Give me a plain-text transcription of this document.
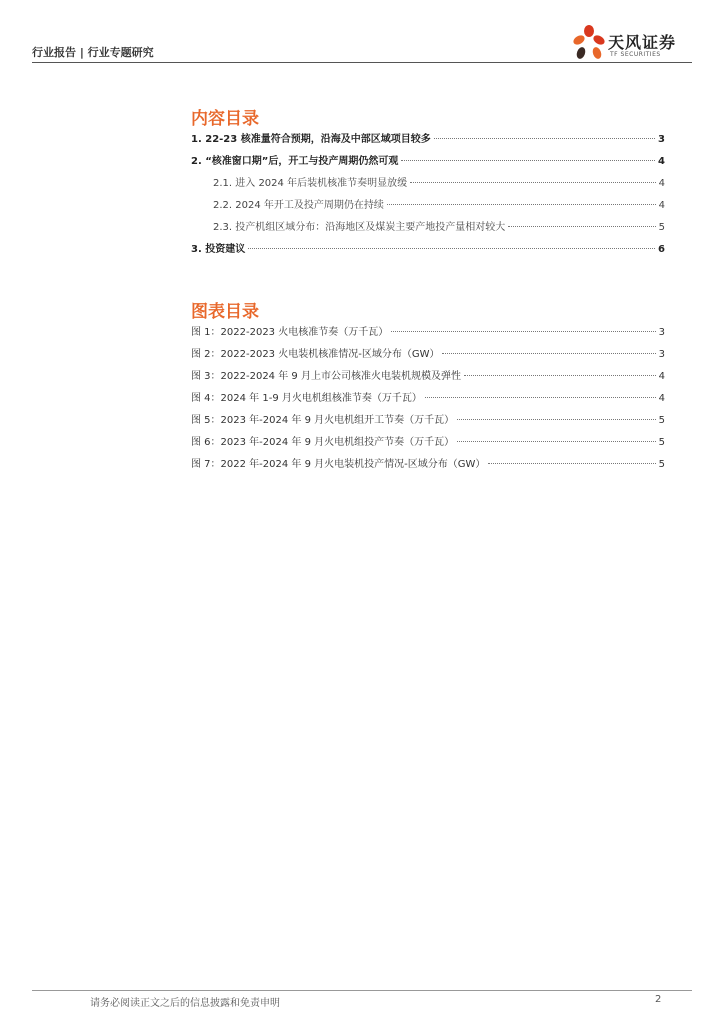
行业报告 | 行业专题研究
天风证券
TF SECURITIES
内容目录
1. 22-23 核准量符合预期，沿海及中部区域项目较多	3
2. “核准窗口期”后，开工与投产周期仍然可观	4
2.1. 进入 2024 年后装机核准节奏明显放缓	4
2.2. 2024 年开工及投产周期仍在持续	4
2.3. 投产机组区域分布：沿海地区及煤炭主要产地投产量相对较大	5
3. 投资建议	6
图表目录
图 1：2022-2023 火电核准节奏（万千瓦）	3
图 2：2022-2023 火电装机核准情况-区域分布（GW）	3
图 3：2022-2024 年 9 月上市公司核准火电装机规模及弹性	4
图 4：2024 年 1-9 月火电机组核准节奏（万千瓦）	4
图 5：2023 年-2024 年 9 月火电机组开工节奏（万千瓦）	5
图 6：2023 年-2024 年 9 月火电机组投产节奏（万千瓦）	5
图 7：2022 年-2024 年 9 月火电装机投产情况-区域分布（GW）	5
请务必阅读正文之后的信息披露和免责申明	2
